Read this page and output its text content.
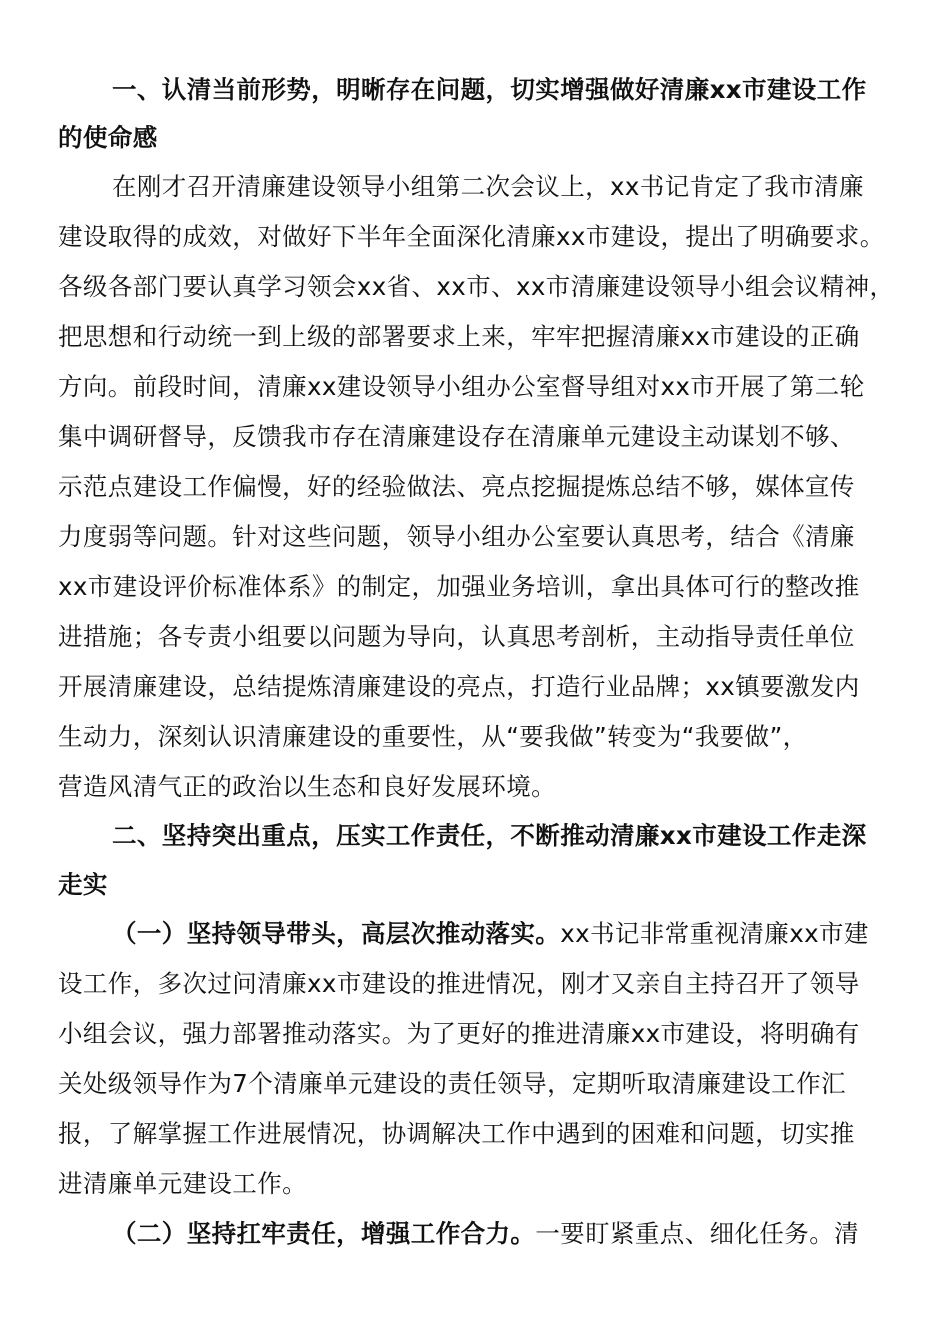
一、认清当前形势，明晰存在问题，切实增强做好清廉xx市建设工作
的使命感
在刚才召开清廉建设领导小组第二次会议上，xx书记肯定了我市清廉
建设取得的成效，对做好下半年全面深化清廉xx市建设，提出了明确要求。
各级各部门要认真学习领会xx省、xx市、xx市清廉建设领导小组会议精神，
把思想和行动统一到上级的部署要求上来，牢牢把握清廉xx市建设的正确
方向。前段时间，清廉xx建设领导小组办公室督导组对xx市开展了第二轮
集中调研督导，反馈我市存在清廉建设存在清廉单元建设主动谋划不够、
示范点建设工作偏慢，好的经验做法、亮点挖掘提炼总结不够，媒体宣传
力度弱等问题。针对这些问题，领导小组办公室要认真思考，结合《清廉
xx市建设评价标准体系》的制定，加强业务培训，拿出具体可行的整改推
进措施；各专责小组要以问题为导向，认真思考剖析，主动指导责任单位
开展清廉建设，总结提炼清廉建设的亮点，打造行业品牌；xx镇要激发内
生动力，深刻认识清廉建设的重要性，从“要我做”转变为“我要做”，
营造风清气正的政治以生态和良好发展环境。
二、坚持突出重点，压实工作责任，不断推动清廉xx市建设工作走深
走实
（一）坚持领导带头，高层次推动落实。xx书记非常重视清廉xx市建
设工作，多次过问清廉xx市建设的推进情况，刚才又亲自主持召开了领导
小组会议，强力部署推动落实。为了更好的推进清廉xx市建设，将明确有
关处级领导作为7个清廉单元建设的责任领导，定期听取清廉建设工作汇
报，了解掌握工作进展情况，协调解决工作中遇到的困难和问题，切实推
进清廉单元建设工作。
（二）坚持扛牢责任，增强工作合力。一要盯紧重点、细化任务。清
